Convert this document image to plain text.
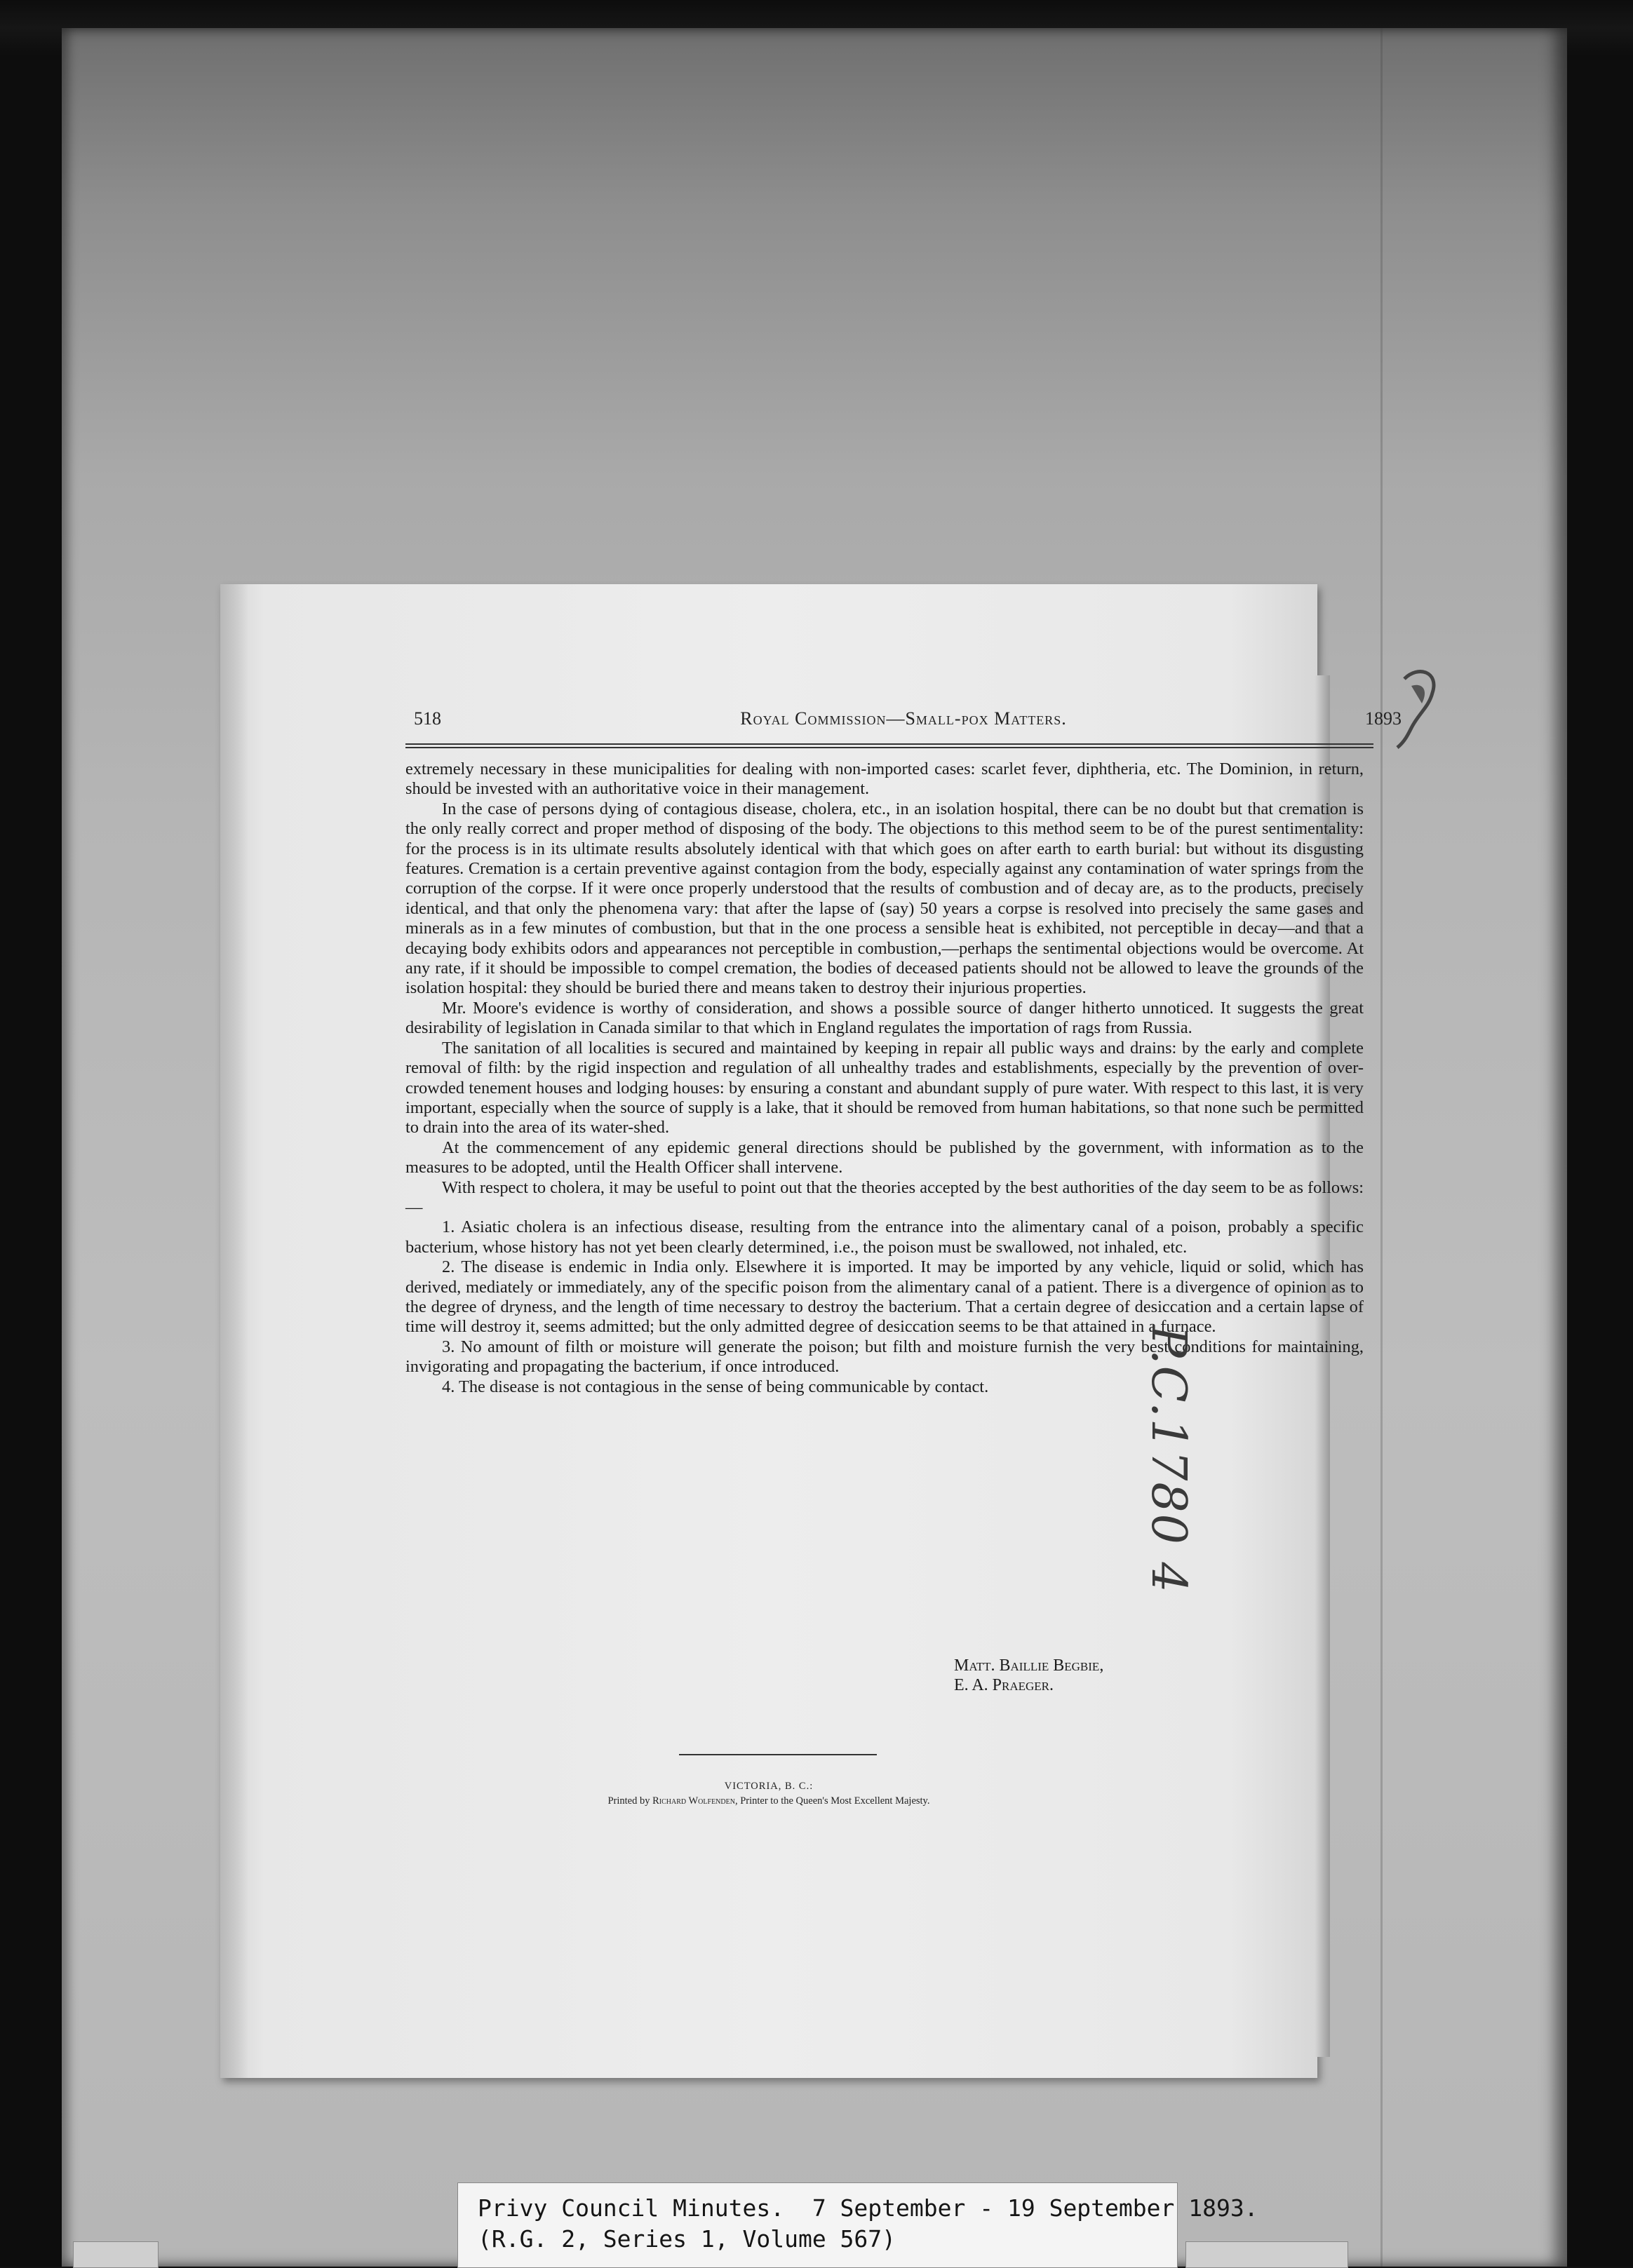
518	Royal Commission—Small-pox Matters.	1893

extremely necessary in these municipalities for dealing with non-imported cases: scarlet fever, diphtheria, etc. The Dominion, in return, should be invested with an authoritative voice in their management.

In the case of persons dying of contagious disease, cholera, etc., in an isolation hospital, there can be no doubt but that cremation is the only really correct and proper method of disposing of the body. The objections to this method seem to be of the purest sentimentality: for the process is in its ultimate results absolutely identical with that which goes on after earth to earth burial: but without its disgusting features. Cremation is a certain preventive against contagion from the body, especially against any contamination of water springs from the corruption of the corpse. If it were once properly understood that the results of combustion and of decay are, as to the products, precisely identical, and that only the phenomena vary: that after the lapse of (say) 50 years a corpse is resolved into precisely the same gases and minerals as in a few minutes of combustion, but that in the one process a sensible heat is exhibited, not perceptible in decay—and that a decaying body exhibits odors and appearances not perceptible in combustion,—perhaps the sentimental objections would be overcome. At any rate, if it should be impossible to compel cremation, the bodies of deceased patients should not be allowed to leave the grounds of the isolation hospital: they should be buried there and means taken to destroy their injurious properties.

Mr. Moore's evidence is worthy of consideration, and shows a possible source of danger hitherto unnoticed. It suggests the great desirability of legislation in Canada similar to that which in England regulates the importation of rags from Russia.

The sanitation of all localities is secured and maintained by keeping in repair all public ways and drains: by the early and complete removal of filth: by the rigid inspection and regulation of all unhealthy trades and establishments, especially by the prevention of over-crowded tenement houses and lodging houses: by ensuring a constant and abundant supply of pure water. With respect to this last, it is very important, especially when the source of supply is a lake, that it should be removed from human habitations, so that none such be permitted to drain into the area of its water-shed.

At the commencement of any epidemic general directions should be published by the government, with information as to the measures to be adopted, until the Health Officer shall intervene.

With respect to cholera, it may be useful to point out that the theories accepted by the best authorities of the day seem to be as follows:—

1. Asiatic cholera is an infectious disease, resulting from the entrance into the alimentary canal of a poison, probably a specific bacterium, whose history has not yet been clearly determined, i.e., the poison must be swallowed, not inhaled, etc.

2. The disease is endemic in India only. Elsewhere it is imported. It may be imported by any vehicle, liquid or solid, which has derived, mediately or immediately, any of the specific poison from the alimentary canal of a patient. There is a divergence of opinion as to the degree of dryness, and the length of time necessary to destroy the bacterium. That a certain degree of desiccation and a certain lapse of time will destroy it, seems admitted; but the only admitted degree of desiccation seems to be that attained in a furnace.

3. No amount of filth or moisture will generate the poison; but filth and moisture furnish the very best conditions for maintaining, invigorating and propagating the bacterium, if once introduced.

4. The disease is not contagious in the sense of being communicable by contact.

Matt. Baillie Begbie,
E. A. Praeger.
VICTORIA, B. C.:
Printed by Richard Wolfenden, Printer to the Queen's Most Excellent Majesty.
P.C.1780 4
Privy Council Minutes.  7 September - 19 September 1893.
(R.G. 2, Series 1, Volume 567)
